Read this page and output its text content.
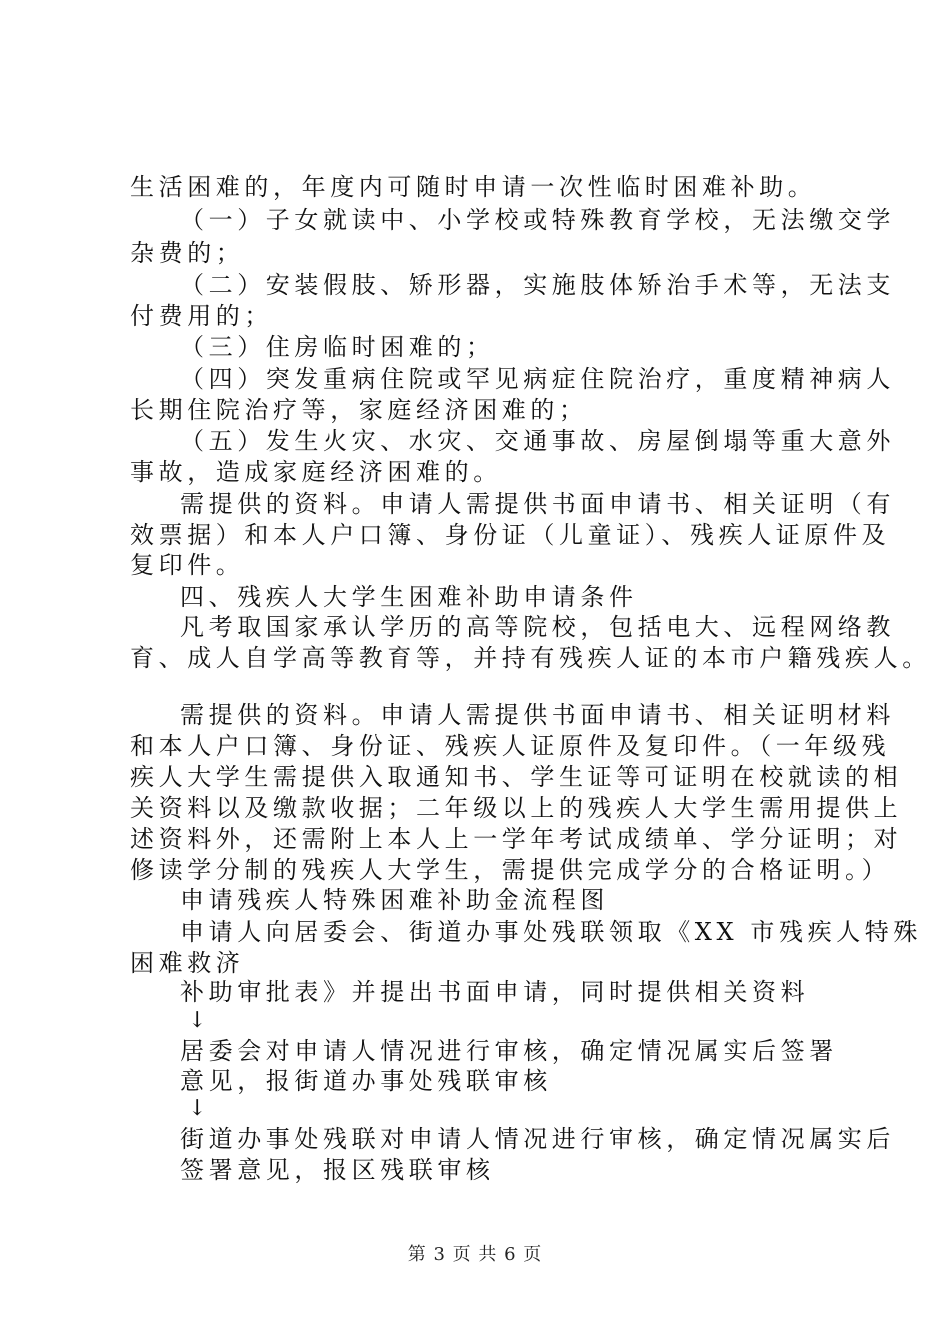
生活困难的，年度内可随时申请一次性临时困难补助。
（一）子女就读中、小学校或特殊教育学校，无法缴交学
杂费的；
（二）安装假肢、矫形器，实施肢体矫治手术等，无法支
付费用的；
（三）住房临时困难的；
（四）突发重病住院或罕见病症住院治疗，重度精神病人
长期住院治疗等，家庭经济困难的；
（五）发生火灾、水灾、交通事故、房屋倒塌等重大意外
事故，造成家庭经济困难的。
需提供的资料。申请人需提供书面申请书、相关证明（有
效票据）和本人户口簿、身份证（儿童证）、残疾人证原件及
复印件。
四、残疾人大学生困难补助申请条件
凡考取国家承认学历的高等院校，包括电大、远程网络教
育、成人自学高等教育等，并持有残疾人证的本市户籍残疾人。
需提供的资料。申请人需提供书面申请书、相关证明材料
和本人户口簿、身份证、残疾人证原件及复印件。（一年级残
疾人大学生需提供入取通知书、学生证等可证明在校就读的相
关资料以及缴款收据；二年级以上的残疾人大学生需用提供上
述资料外，还需附上本人上一学年考试成绩单、学分证明；对
修读学分制的残疾人大学生，需提供完成学分的合格证明。）
申请残疾人特殊困难补助金流程图
申请人向居委会、街道办事处残联领取《XX 市残疾人特殊
困难救济
补助审批表》并提出书面申请，同时提供相关资料
↓
居委会对申请人情况进行审核，确定情况属实后签署
意见，报街道办事处残联审核
↓
街道办事处残联对申请人情况进行审核，确定情况属实后
签署意见，报区残联审核
第 3 页 共 6 页
